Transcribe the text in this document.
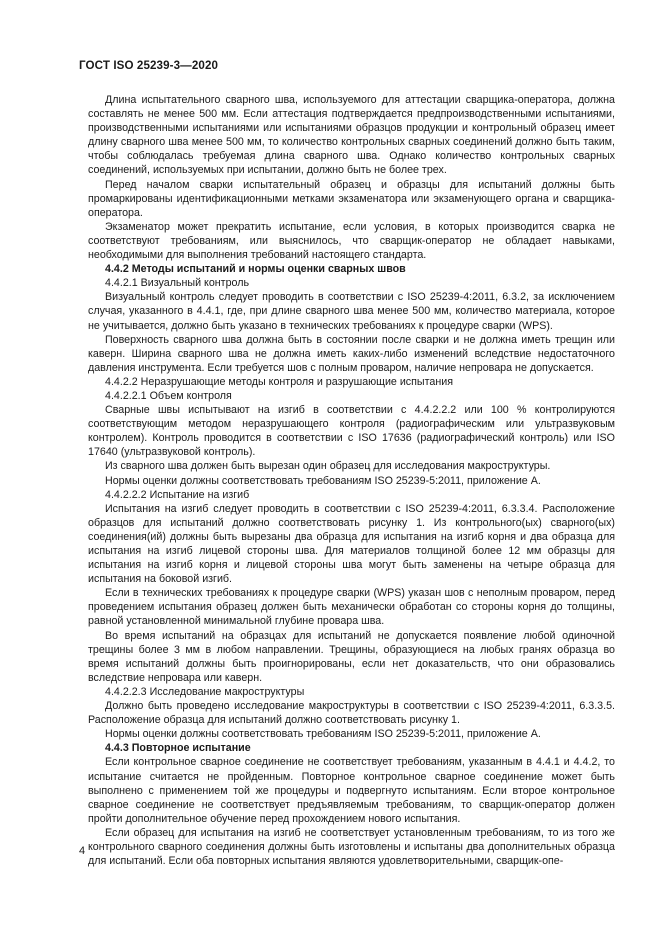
ГОСТ ISO 25239-3—2020

Длина испытательного сварного шва, используемого для аттестации сварщика-оператора, должна составлять не менее 500 мм. Если аттестация подтверждается предпроизводственными испытаниями, производственными испытаниями или испытаниями образцов продукции и контрольный образец имеет длину сварного шва менее 500 мм, то количество контрольных сварных соединений должно быть таким, чтобы соблюдалась требуемая длина сварного шва. Однако количество контрольных сварных соединений, используемых при испытании, должно быть не более трех.

Перед началом сварки испытательный образец и образцы для испытаний должны быть промаркированы идентификационными метками экзаменатора или экзаменующего органа и сварщика-оператора.

Экзаменатор может прекратить испытание, если условия, в которых производится сварка не соответствуют требованиям, или выяснилось, что сварщик-оператор не обладает навыками, необходимыми для выполнения требований настоящего стандарта.

4.4.2 Методы испытаний и нормы оценки сварных швов

4.4.2.1 Визуальный контроль

Визуальный контроль следует проводить в соответствии с ISO 25239-4:2011, 6.3.2, за исключением случая, указанного в 4.4.1, где, при длине сварного шва менее 500 мм, количество материала, которое не учитывается, должно быть указано в технических требованиях к процедуре сварки (WPS).

Поверхность сварного шва должна быть в состоянии после сварки и не должна иметь трещин или каверн. Ширина сварного шва не должна иметь каких-либо изменений вследствие недостаточного давления инструмента. Если требуется шов с полным проваром, наличие непровара не допускается.

4.4.2.2 Неразрушающие методы контроля и разрушающие испытания

4.4.2.2.1 Объем контроля

Сварные швы испытывают на изгиб в соответствии с 4.4.2.2.2 или 100 % контролируются соответствующим методом неразрушающего контроля (радиографическим или ультразвуковым контролем). Контроль проводится в соответствии с ISO 17636 (радиографический контроль) или ISO 17640 (ультразвуковой контроль).

Из сварного шва должен быть вырезан один образец для исследования макроструктуры.

Нормы оценки должны соответствовать требованиям ISO 25239-5:2011, приложение А.

4.4.2.2.2 Испытание на изгиб

Испытания на изгиб следует проводить в соответствии с ISO 25239-4:2011, 6.3.3.4. Расположение образцов для испытаний должно соответствовать рисунку 1. Из контрольного(ых) сварного(ых) соединения(ий) должны быть вырезаны два образца для испытания на изгиб корня и два образца для испытания на изгиб лицевой стороны шва. Для материалов толщиной более 12 мм образцы для испытания на изгиб корня и лицевой стороны шва могут быть заменены на четыре образца для испытания на боковой изгиб.

Если в технических требованиях к процедуре сварки (WPS) указан шов с неполным проваром, перед проведением испытания образец должен быть механически обработан со стороны корня до толщины, равной установленной минимальной глубине провара шва.

Во время испытаний на образцах для испытаний не допускается появление любой одиночной трещины более 3 мм в любом направлении. Трещины, образующиеся на любых гранях образца во время испытаний должны быть проигнорированы, если нет доказательств, что они образовались вследствие непровара или каверн.

4.4.2.2.3 Исследование макроструктуры

Должно быть проведено исследование макроструктуры в соответствии с ISO 25239-4:2011, 6.3.3.5. Расположение образца для испытаний должно соответствовать рисунку 1.

Нормы оценки должны соответствовать требованиям ISO 25239-5:2011, приложение А.

4.4.3 Повторное испытание

Если контрольное сварное соединение не соответствует требованиям, указанным в 4.4.1 и 4.4.2, то испытание считается не пройденным. Повторное контрольное сварное соединение может быть выполнено с применением той же процедуры и подвергнуто испытаниям. Если второе контрольное сварное соединение не соответствует предъявляемым требованиям, то сварщик-оператор должен пройти дополнительное обучение перед прохождением нового испытания.

Если образец для испытания на изгиб не соответствует установленным требованиям, то из того же контрольного сварного соединения должны быть изготовлены и испытаны два дополнительных образца для испытаний. Если оба повторных испытания являются удовлетворительными, сварщик-опе-

4
